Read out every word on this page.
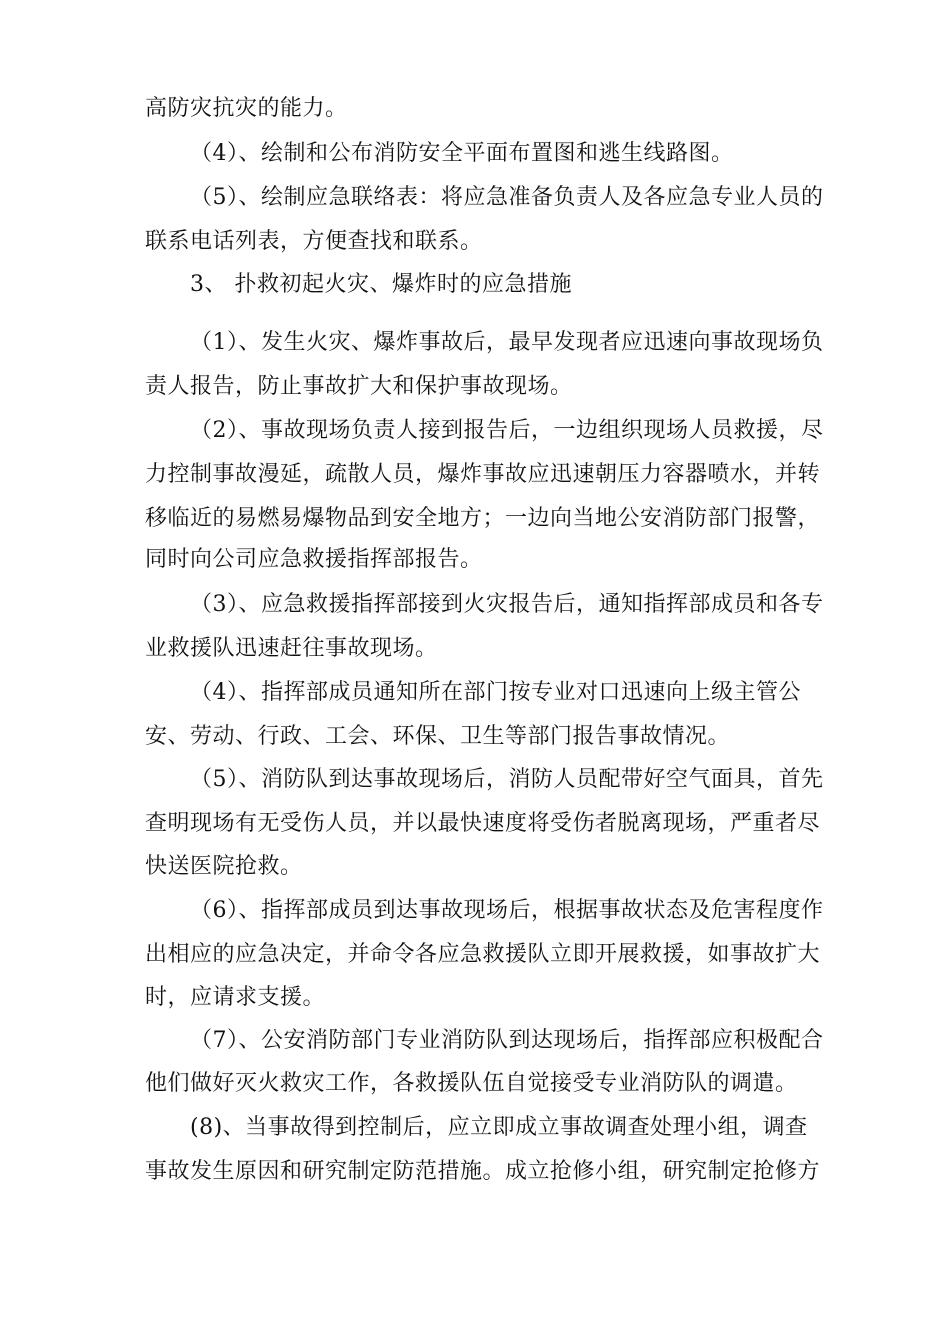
高防灾抗灾的能力。
（4）、绘制和公布消防安全平面布置图和逃生线路图。
（5）、绘制应急联络表：将应急准备负责人及各应急专业人员的
联系电话列表，方便查找和联系。
3、 扑救初起火灾、爆炸时的应急措施
（1）、发生火灾、爆炸事故后，最早发现者应迅速向事故现场负
责人报告，防止事故扩大和保护事故现场。
（2）、事故现场负责人接到报告后，一边组织现场人员救援，尽
力控制事故漫延，疏散人员，爆炸事故应迅速朝压力容器喷水，并转
移临近的易燃易爆物品到安全地方；一边向当地公安消防部门报警，
同时向公司应急救援指挥部报告。
（3）、应急救援指挥部接到火灾报告后，通知指挥部成员和各专
业救援队迅速赶往事故现场。
（4）、指挥部成员通知所在部门按专业对口迅速向上级主管公
安、劳动、行政、工会、环保、卫生等部门报告事故情况。
（5）、消防队到达事故现场后，消防人员配带好空气面具，首先
查明现场有无受伤人员，并以最快速度将受伤者脱离现场，严重者尽
快送医院抢救。
（6）、指挥部成员到达事故现场后，根据事故状态及危害程度作
出相应的应急决定，并命令各应急救援队立即开展救援，如事故扩大
时，应请求支援。
（7）、公安消防部门专业消防队到达现场后，指挥部应积极配合
他们做好灭火救灾工作，各救援队伍自觉接受专业消防队的调遣。
(8)、当事故得到控制后，应立即成立事故调查处理小组，调查
事故发生原因和研究制定防范措施。成立抢修小组，研究制定抢修方
